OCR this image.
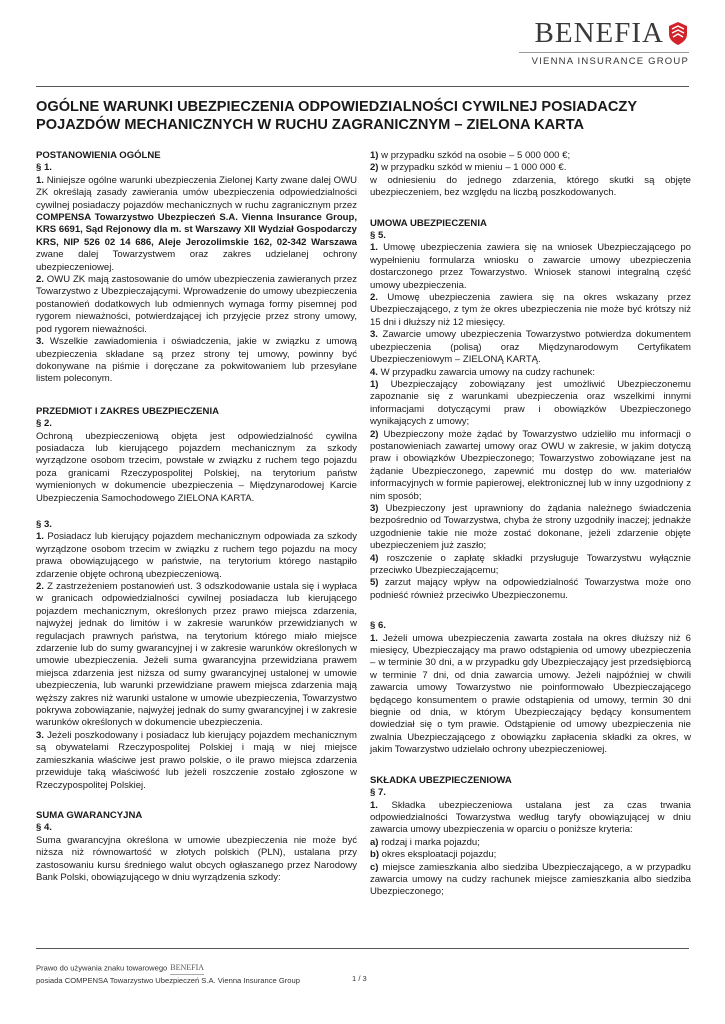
BENEFIA
VIENNA INSURANCE GROUP
OGÓLNE WARUNKI UBEZPIECZENIA ODPOWIEDZIALNOŚCI CYWILNEJ POSIADACZY POJAZDÓW MECHANICZNYCH W RUCHU ZAGRANICZNYM – ZIELONA KARTA

POSTANOWIENIA OGÓLNE

§ 1.

1. Niniejsze ogólne warunki ubezpieczenia Zielonej Karty zwane dalej OWU ZK określają zasady zawierania umów ubezpieczenia odpowiedzialności cywilnej posiadaczy pojazdów mechanicznych w ruchu zagranicznym przez COMPENSA Towarzystwo Ubezpieczeń S.A. Vienna Insurance Group, KRS 6691, Sąd Rejonowy dla m. st Warszawy XII Wydział Gospodarczy KRS, NIP 526 02 14 686, Aleje Jerozolimskie 162, 02-342 Warszawa zwane dalej Towarzystwem oraz zakres udzielanej ochrony ubezpieczeniowej.

2. OWU ZK mają zastosowanie do umów ubezpieczenia zawieranych przez Towarzystwo z Ubezpieczającymi. Wprowadzenie do umowy ubezpieczenia postanowień dodatkowych lub odmiennych wymaga formy pisemnej pod rygorem nieważności, potwierdzającej ich przyjęcie przez strony umowy, pod rygorem nieważności.

3. Wszelkie zawiadomienia i oświadczenia, jakie w związku z umową ubezpieczenia składane są przez strony tej umowy, powinny być dokonywane na piśmie i doręczane za pokwitowaniem lub przesyłane listem poleconym.

PRZEDMIOT I ZAKRES UBEZPIECZENIA

§ 2.

Ochroną ubezpieczeniową objęta jest odpowiedzialność cywilna posiadacza lub kierującego pojazdem mechanicznym za szkody wyrządzone osobom trzecim, powstałe w związku z ruchem tego pojazdu poza granicami Rzeczypospolitej Polskiej, na terytorium państw wymienionych w dokumencie ubezpieczenia – Międzynarodowej Karcie Ubezpieczenia Samochodowego ZIELONA KARTA.

§ 3.

1. Posiadacz lub kierujący pojazdem mechanicznym odpowiada za szkody wyrządzone osobom trzecim w związku z ruchem tego pojazdu na mocy prawa obowiązującego w państwie, na terytorium którego nastąpiło zdarzenie objęte ochroną ubezpieczeniową.

2. Z zastrzeżeniem postanowień ust. 3 odszkodowanie ustala się i wypłaca w granicach odpowiedzialności cywilnej posiadacza lub kierującego pojazdem mechanicznym, określonych przez prawo miejsca zdarzenia, najwyżej jednak do limitów i w zakresie warunków przewidzianych w regulacjach prawnych państwa, na terytorium którego miało miejsce zdarzenie lub do sumy gwarancyjnej i w zakresie warunków określonych w umowie ubezpieczenia. Jeżeli suma gwarancyjna przewidziana prawem miejsca zdarzenia jest niższa od sumy gwarancyjnej ustalonej w umowie ubezpieczenia, lub warunki przewidziane prawem miejsca zdarzenia mają węższy zakres niż warunki ustalone w umowie ubezpieczenia, Towarzystwo pokrywa zobowiązanie, najwyżej jednak do sumy gwarancyjnej i w zakresie warunków określonych w dokumencie ubezpieczenia.

3. Jeżeli poszkodowany i posiadacz lub kierujący pojazdem mechanicznym są obywatelami Rzeczypospolitej Polskiej i mają w niej miejsce zamieszkania właściwe jest prawo polskie, o ile prawo miejsca zdarzenia przewiduje taką właściwość lub jeżeli roszczenie zostało zgłoszone w Rzeczypospolitej Polskiej.

SUMA GWARANCYJNA

§ 4.

Suma gwarancyjna określona w umowie ubezpieczenia nie może być niższa niż równowartość w złotych polskich (PLN), ustalana przy zastosowaniu kursu średniego walut obcych ogłaszanego przez Narodowy Bank Polski, obowiązującego w dniu wyrządzenia szkody:

1) w przypadku szkód na osobie – 5 000 000 €;

2) w przypadku szkód w mieniu – 1 000 000 €.

w odniesieniu do jednego zdarzenia, którego skutki są objęte ubezpieczeniem, bez względu na liczbą poszkodowanych.

UMOWA UBEZPIECZENIA

§ 5.

1. Umowę ubezpieczenia zawiera się na wniosek Ubezpieczającego po wypełnieniu formularza wniosku o zawarcie umowy ubezpieczenia dostarczonego przez Towarzystwo. Wniosek stanowi integralną część umowy ubezpieczenia.

2. Umowę ubezpieczenia zawiera się na okres wskazany przez Ubezpieczającego, z tym że okres ubezpieczenia nie może być krótszy niż 15 dni i dłuższy niż 12 miesięcy.

3. Zawarcie umowy ubezpieczenia Towarzystwo potwierdza dokumentem ubezpieczenia (polisą) oraz Międzynarodowym Certyfikatem Ubezpieczeniowym – ZIELONĄ KARTĄ.

4. W przypadku zawarcia umowy na cudzy rachunek:

1) Ubezpieczający zobowiązany jest umożliwić Ubezpieczonemu zapoznanie się z warunkami ubezpieczenia oraz wszelkimi innymi informacjami dotyczącymi praw i obowiązków Ubezpieczonego wynikających z umowy;

2) Ubezpieczony może żądać by Towarzystwo udzieliło mu informacji o postanowieniach zawartej umowy oraz OWU w zakresie, w jakim dotyczą praw i obowiązków Ubezpieczonego; Towarzystwo zobowiązane jest na żądanie Ubezpieczonego, zapewnić mu dostęp do ww. materiałów informacyjnych w formie papierowej, elektronicznej lub w inny uzgodniony z nim sposób;

3) Ubezpieczony jest uprawniony do żądania należnego świadczenia bezpośrednio od Towarzystwa, chyba że strony uzgodniły inaczej; jednakże uzgodnienie takie nie może zostać dokonane, jeżeli zdarzenie objęte ubezpieczeniem już zaszło;

4) roszczenie o zapłatę składki przysługuje Towarzystwu wyłącznie przeciwko Ubezpieczającemu;

5) zarzut mający wpływ na odpowiedzialność Towarzystwa może ono podnieść również przeciwko Ubezpieczonemu.

§ 6.

1. Jeżeli umowa ubezpieczenia zawarta została na okres dłuższy niż 6 miesięcy, Ubezpieczający ma prawo odstąpienia od umowy ubezpieczenia – w terminie 30 dni, a w przypadku gdy Ubezpieczający jest przedsiębiorcą w terminie 7 dni, od dnia zawarcia umowy. Jeżeli najpóźniej w chwili zawarcia umowy Towarzystwo nie poinformowało Ubezpieczającego będącego konsumentem o prawie odstąpienia od umowy, termin 30 dni biegnie od dnia, w którym Ubezpieczający będący konsumentem dowiedział się o tym prawie. Odstąpienie od umowy ubezpieczenia nie zwalnia Ubezpieczającego z obowiązku zapłacenia składki za okres, w jakim Towarzystwo udzielało ochrony ubezpieczeniowej.

SKŁADKA UBEZPIECZENIOWA

§ 7.

1. Składka ubezpieczeniowa ustalana jest za czas trwania odpowiedzialności Towarzystwa według taryfy obowiązującej w dniu zawarcia umowy ubezpieczenia w oparciu o poniższe kryteria:

a) rodzaj i marka pojazdu;

b) okres eksploatacji pojazdu;

c) miejsce zamieszkania albo siedziba Ubezpieczającego, a w przypadku zawarcia umowy na cudzy rachunek miejsce zamieszkania albo siedziba Ubezpieczonego;

Prawo do używania znaku towarowego BENEFIA
posiada COMPENSA Towarzystwo Ubezpieczeń S.A. Vienna Insurance Group	1 / 3
